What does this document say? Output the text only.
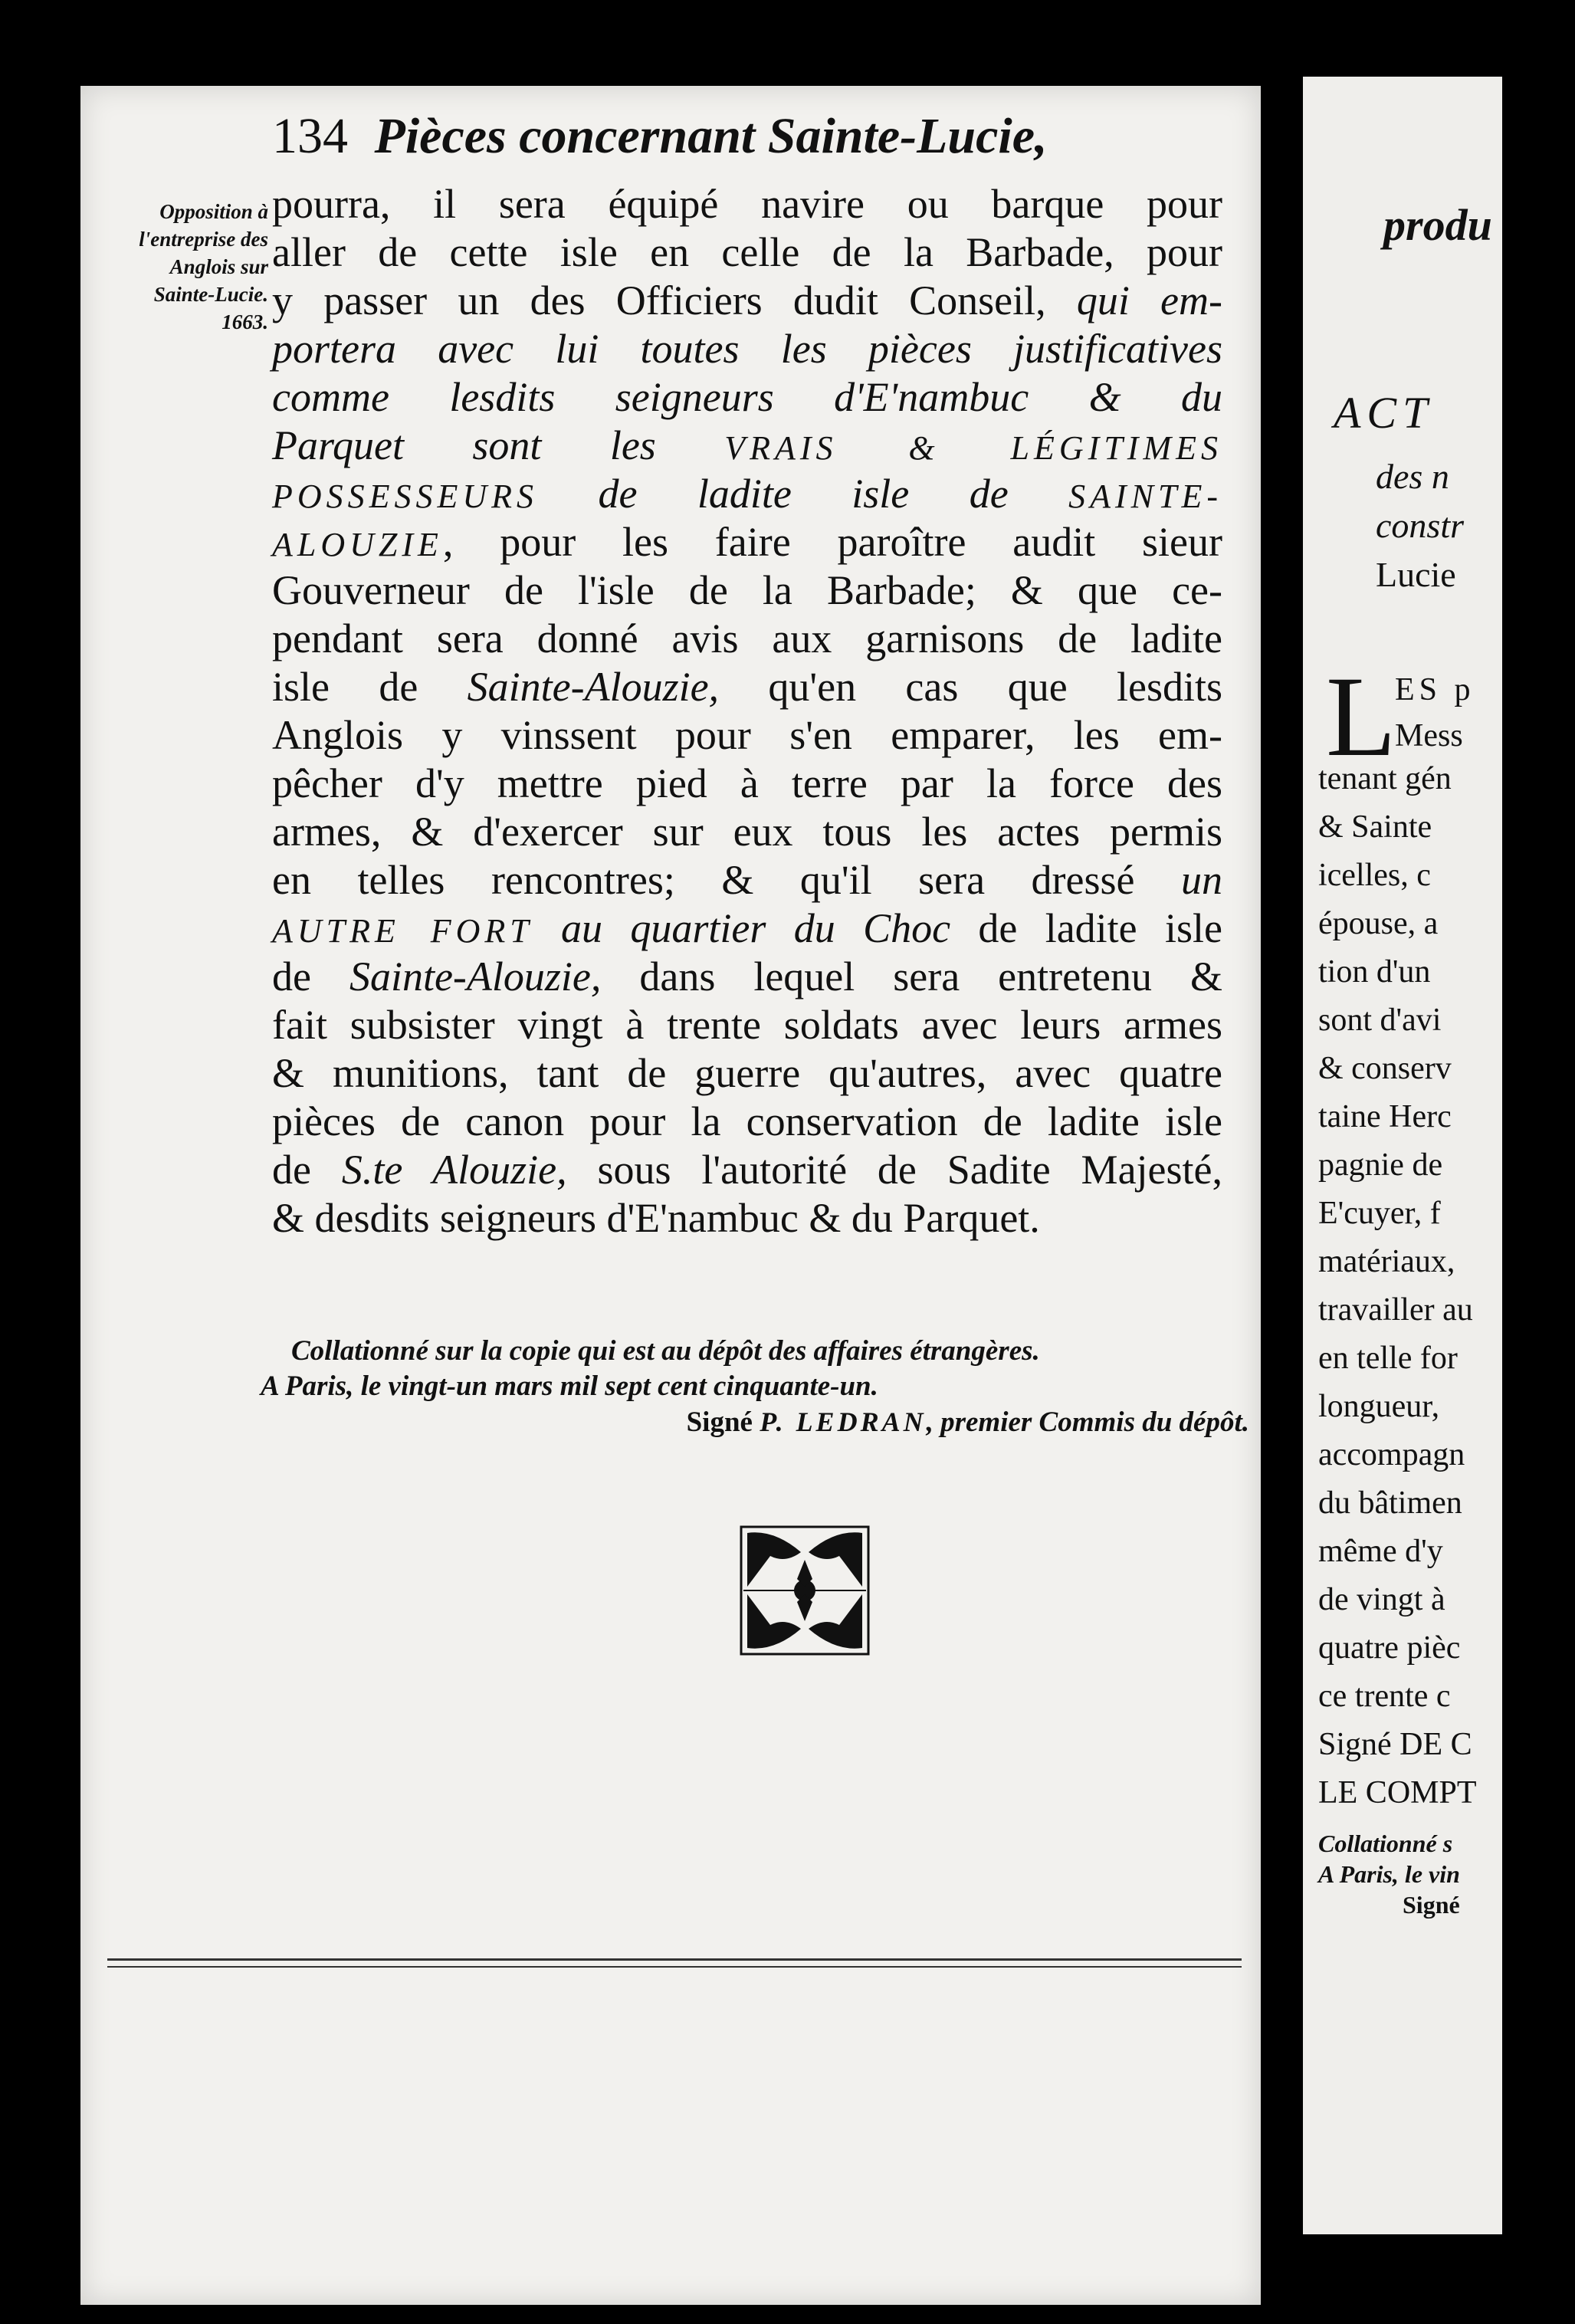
134 Pièces concernant Sainte-Lucie,
Opposition à
l'entreprise des
Anglois sur
Sainte-Lucie.
1663.
pourra, il sera équipé navire ou barque pour
aller de cette isle en celle de la Barbade, pour
y passer un des Officiers dudit Conseil, qui em-
portera avec lui toutes les pièces justificatives
comme lesdits seigneurs d'E'nambuc & du
Parquet sont les VRAIS & LÉGITIMES
POSSESSEURS de ladite isle de SAINTE-
ALOUZIE, pour les faire paroître audit sieur
Gouverneur de l'isle de la Barbade; & que ce-
pendant sera donné avis aux garnisons de ladite
isle de Sainte-Alouzie, qu'en cas que lesdits
Anglois y vinssent pour s'en emparer, les em-
pêcher d'y mettre pied à terre par la force des
armes, & d'exercer sur eux tous les actes permis
en telles rencontres; & qu'il sera dressé un
AUTRE FORT au quartier du Choc de ladite isle
de Sainte-Alouzie, dans lequel sera entretenu &
fait subsister vingt à trente soldats avec leurs armes
& munitions, tant de guerre qu'autres, avec quatre
pièces de canon pour la conservation de ladite isle
de S.te Alouzie, sous l'autorité de Sadite Majesté,
& desdits seigneurs d'E'nambuc & du Parquet.
Collationné sur la copie qui est au dépôt des affaires étrangères.
A Paris, le vingt-un mars mil sept cent cinquante-un.
Signé P. LEDRAN, premier Commis du dépôt.
produ
ACT
des n
constr
Lucie
L
ES p
Mess
tenant gén
& Sainte
icelles, c
épouse, a
tion d'un
sont d'avi
& conserv
taine Herc
pagnie de
E'cuyer, f
matériaux,
travailler au
en telle for
longueur,
accompagn
du bâtimen
même d'y
de vingt à
quatre pièc
ce trente c
Signé DE C
LE COMPT
Collationné s
A Paris, le vin
Signé
